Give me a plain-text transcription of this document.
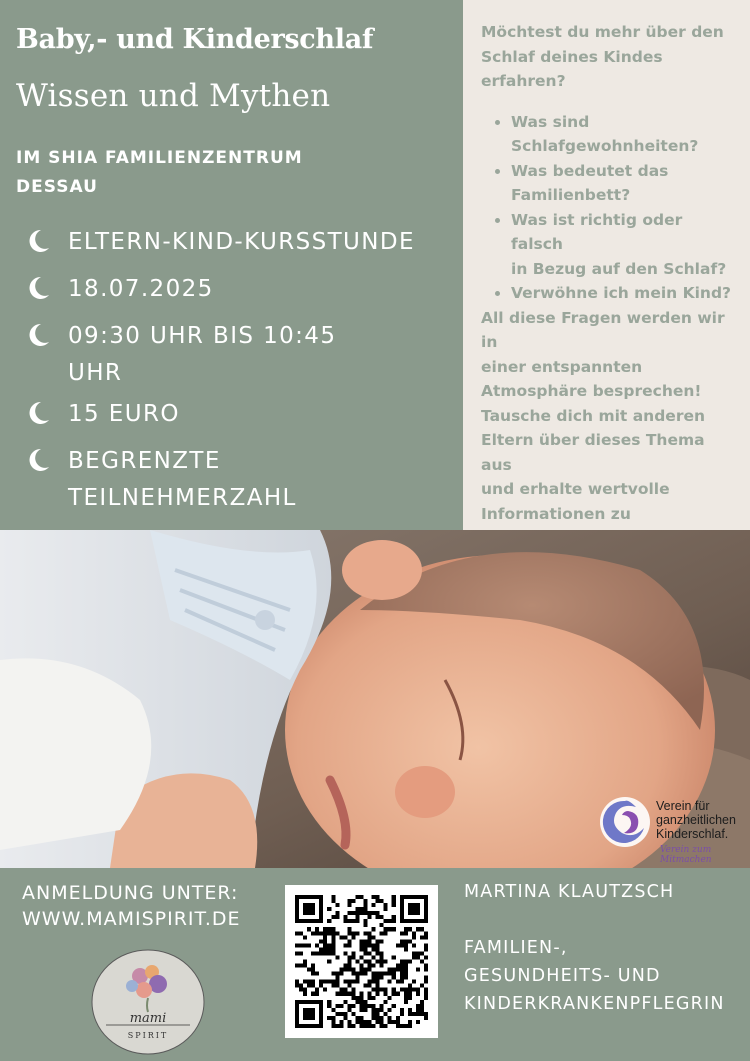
Baby,- und Kinderschlaf
Wissen und Mythen
IM SHIA FAMILIENZENTRUM
DESSAU
ELTERN-KIND-KURSSTUNDE
18.07.2025
09:30 UHR BIS 10:45
UHR
15 EURO
BEGRENZTE
TEILNEHMERZAHL
Möchtest du mehr über den
Schlaf deines Kindes
erfahren?
• Was sind
Schlafgewohnheiten?
• Was bedeutet das
Familienbett?
• Was ist richtig oder falsch
in Bezug auf den Schlaf?
• Verwöhne ich mein Kind?
All diese Fragen werden wir in
einer entspannten
Atmosphäre besprechen!
Tausche dich mit anderen
Eltern über dieses Thema aus
und erhalte wertvolle
Informationen zu
Verein für
ganzheitlichen
Kinderschlaf.
Verein zum Mitmachen
ANMELDUNG UNTER:
WWW.MAMISPIRIT.DE
mami
SPIRIT
MARTINA KLAUTZSCH
FAMILIEN-,
GESUNDHEITS- UND
KINDERKRANKENPFLEGRIN
